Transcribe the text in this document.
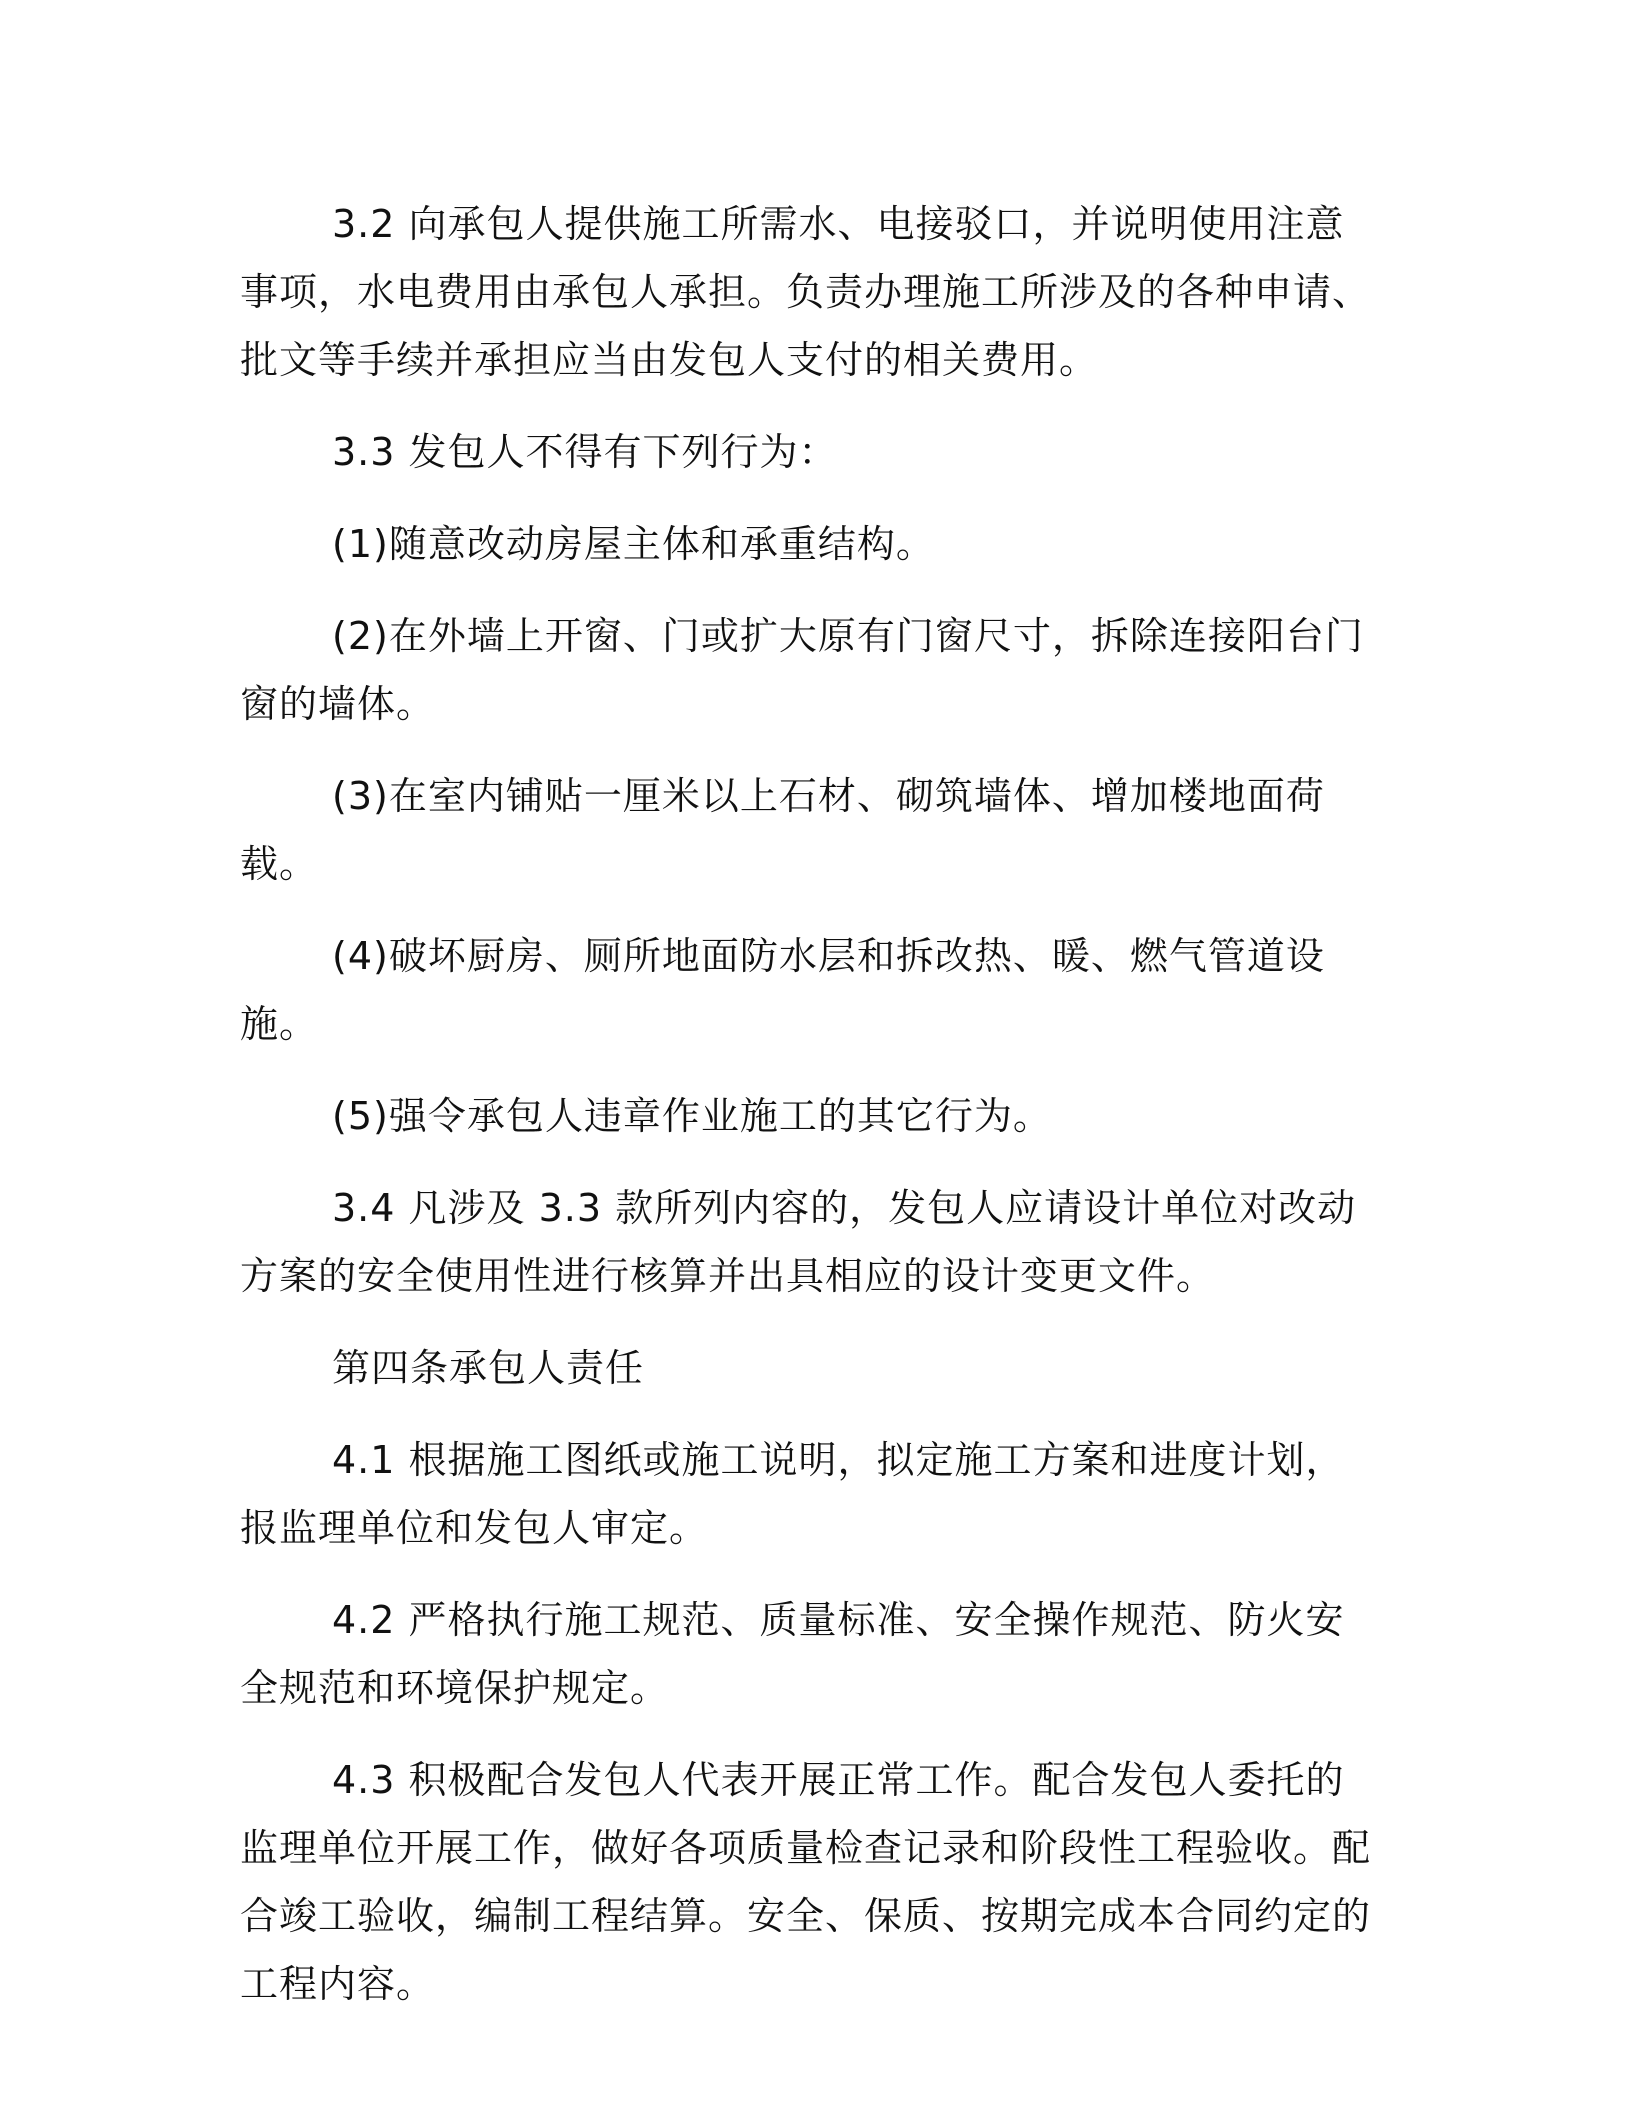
3.2 向承包人提供施工所需水、电接驳口，并说明使用注意事项，水电费用由承包人承担。负责办理施工所涉及的各种申请、批文等手续并承担应当由发包人支付的相关费用。

3.3 发包人不得有下列行为：

(1)随意改动房屋主体和承重结构。

(2)在外墙上开窗、门或扩大原有门窗尺寸，拆除连接阳台门窗的墙体。

(3)在室内铺贴一厘米以上石材、砌筑墙体、增加楼地面荷载。

(4)破坏厨房、厕所地面防水层和拆改热、暖、燃气管道设施。

(5)强令承包人违章作业施工的其它行为。

3.4 凡涉及 3.3 款所列内容的，发包人应请设计单位对改动方案的安全使用性进行核算并出具相应的设计变更文件。

第四条承包人责任

4.1 根据施工图纸或施工说明，拟定施工方案和进度计划，报监理单位和发包人审定。

4.2 严格执行施工规范、质量标准、安全操作规范、防火安全规范和环境保护规定。

4.3 积极配合发包人代表开展正常工作。配合发包人委托的监理单位开展工作，做好各项质量检查记录和阶段性工程验收。配合竣工验收，编制工程结算。安全、保质、按期完成本合同约定的工程内容。
